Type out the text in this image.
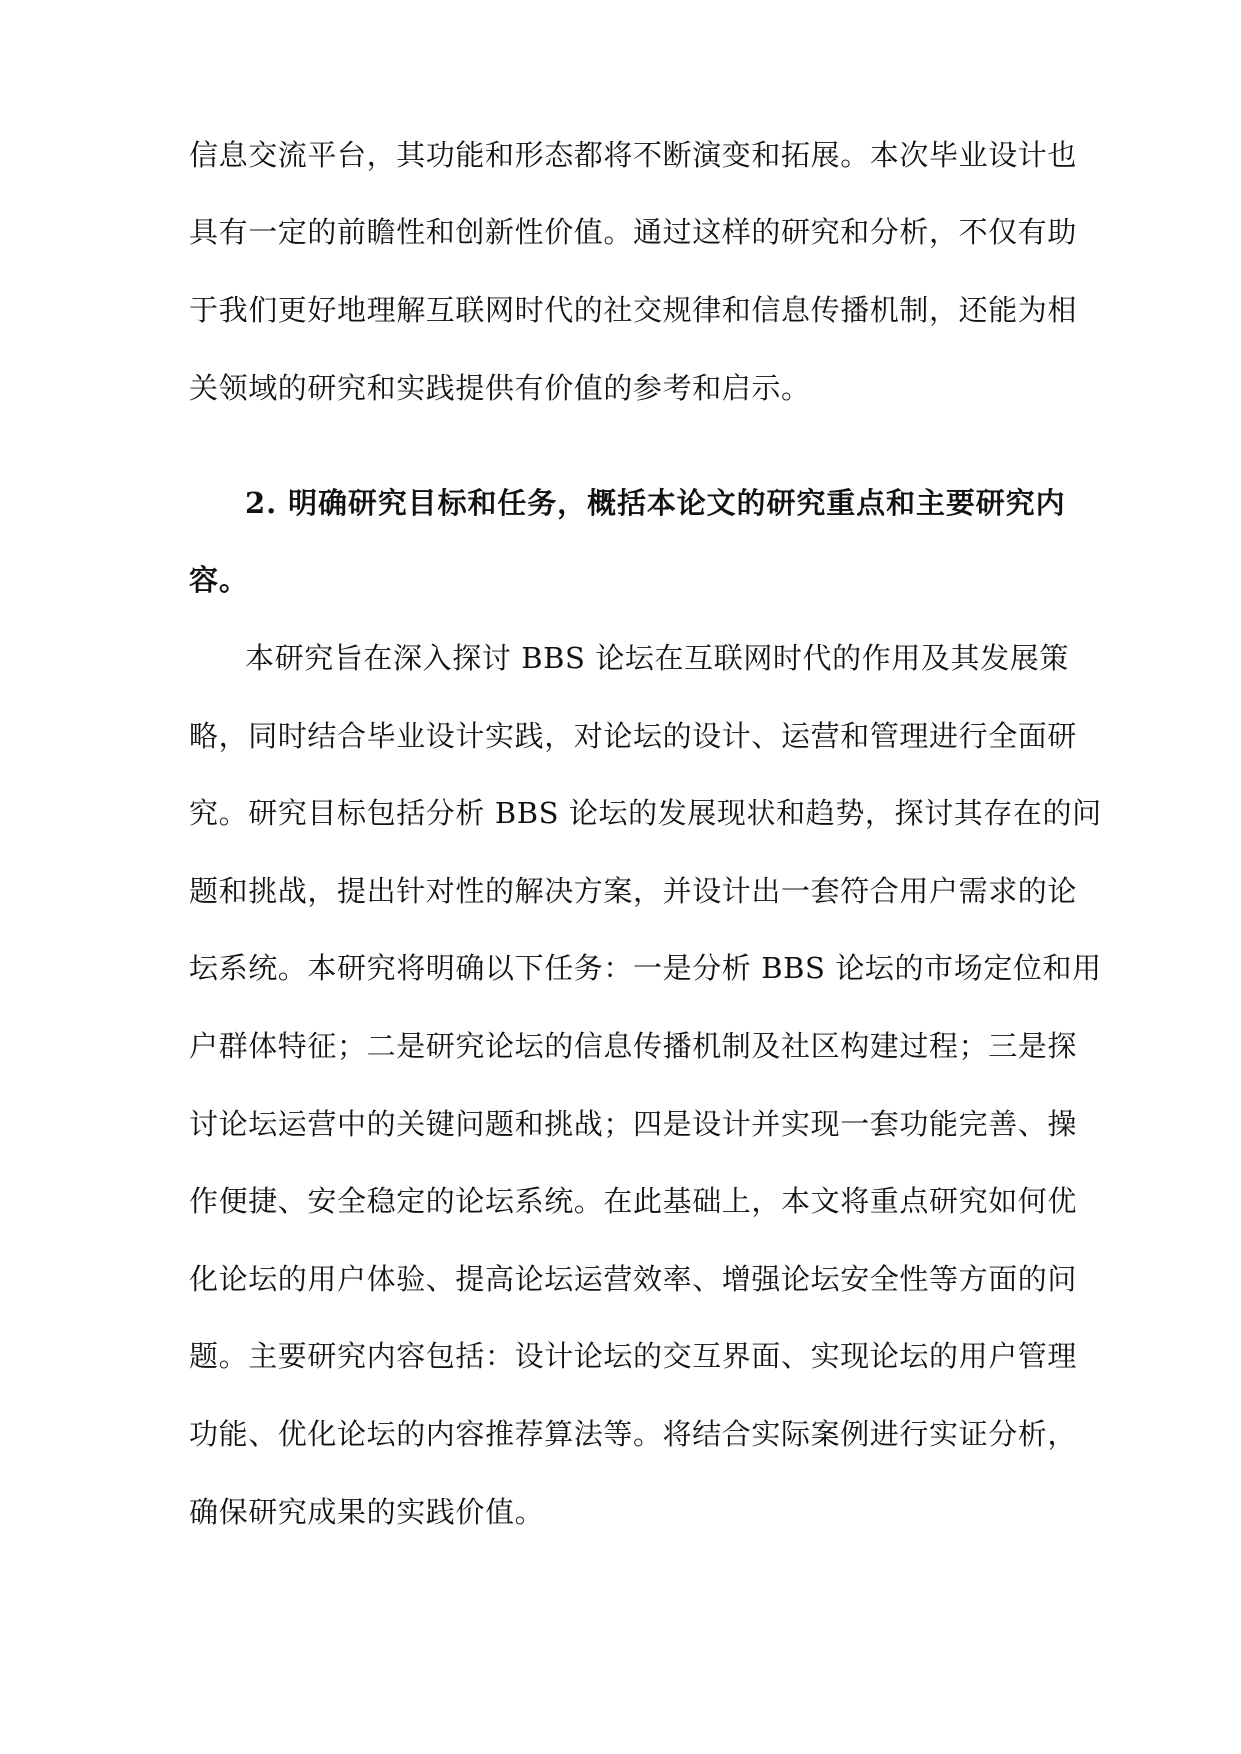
信息交流平台，其功能和形态都将不断演变和拓展。本次毕业设计也
具有一定的前瞻性和创新性价值。通过这样的研究和分析，不仅有助
于我们更好地理解互联网时代的社交规律和信息传播机制，还能为相
关领域的研究和实践提供有价值的参考和启示。
2. 明确研究目标和任务，概括本论文的研究重点和主要研究内
容。
本研究旨在深入探讨 BBS 论坛在互联网时代的作用及其发展策
略，同时结合毕业设计实践，对论坛的设计、运营和管理进行全面研
究。研究目标包括分析 BBS 论坛的发展现状和趋势，探讨其存在的问
题和挑战，提出针对性的解决方案，并设计出一套符合用户需求的论
坛系统。本研究将明确以下任务：一是分析 BBS 论坛的市场定位和用
户群体特征；二是研究论坛的信息传播机制及社区构建过程；三是探
讨论坛运营中的关键问题和挑战；四是设计并实现一套功能完善、操
作便捷、安全稳定的论坛系统。在此基础上，本文将重点研究如何优
化论坛的用户体验、提高论坛运营效率、增强论坛安全性等方面的问
题。主要研究内容包括：设计论坛的交互界面、实现论坛的用户管理
功能、优化论坛的内容推荐算法等。将结合实际案例进行实证分析，
确保研究成果的实践价值。
